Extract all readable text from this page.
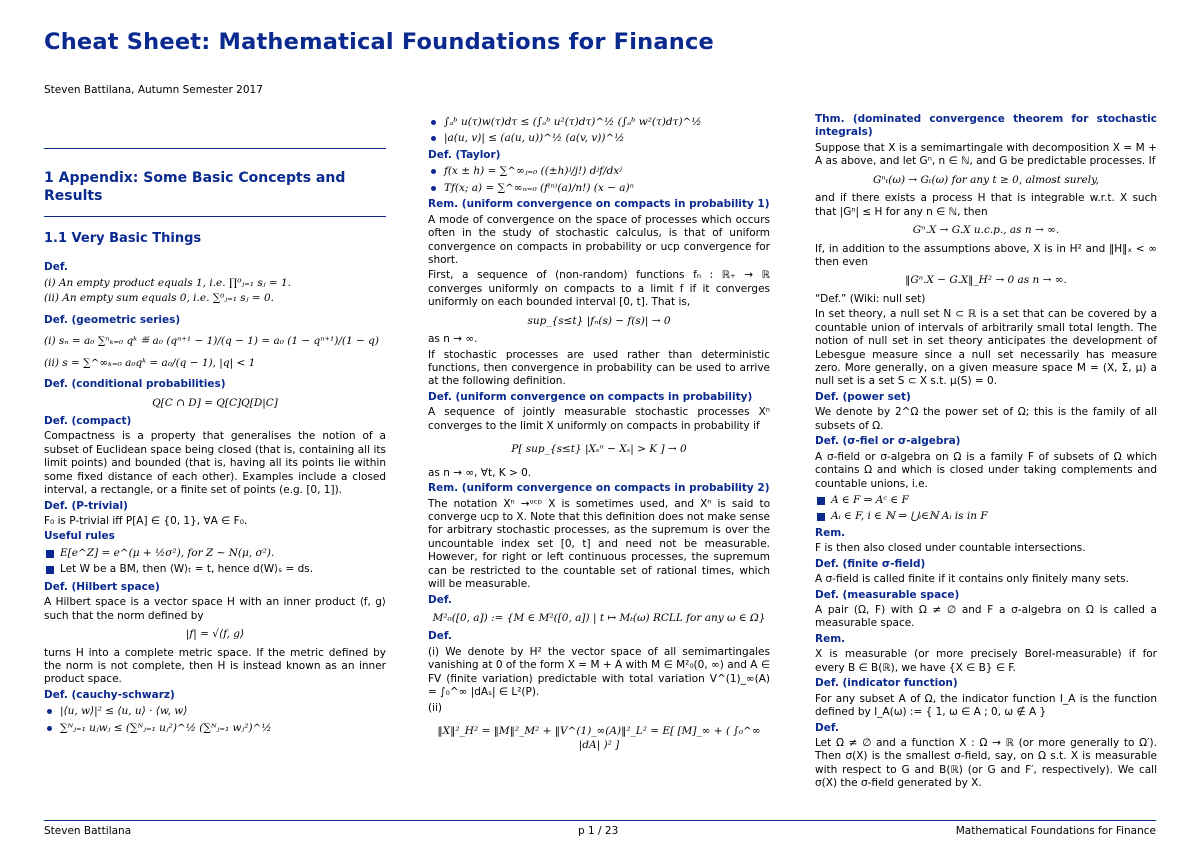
Cheat Sheet: Mathematical Foundations for Finance
Steven Battilana, Autumn Semester 2017
1 Appendix: Some Basic Concepts and Results
1.1 Very Basic Things
Def.
(i) An empty product equals 1, i.e. ∏⁰ⱼ₌₁ sⱼ = 1.
(ii) An empty sum equals 0, i.e. ∑⁰ⱼ₌₁ sⱼ = 0.
Def. (geometric series)
(i) sₙ = a₀ ∑ⁿₖ₌₀ qᵏ ≝ a₀ (qⁿ⁺¹ − 1)/(q − 1) = a₀ (1 − qⁿ⁺¹)/(1 − q)
(ii) s = ∑^∞ₖ₌₀ a₀qᵏ = a₀/(q − 1), |q| < 1
Def. (conditional probabilities)
Q[C ∩ D] = Q[C]Q[D|C]
Def. (compact)
Compactness is a property that generalises the notion of a subset of Euclidean space being closed (that is, containing all its limit points) and bounded (that is, having all its points lie within some fixed distance of each other). Examples include a closed interval, a rectangle, or a finite set of points (e.g. [0, 1]).
Def. (P-trivial)
F₀ is P-trivial iff P[A] ∈ {0, 1}, ∀A ∈ F₀.
Useful rules
E[e^Z] = e^(μ + ½σ²), for Z ∼ N(μ, σ²).
Let W be a BM, then ⟨W⟩ₜ = t, hence d⟨W⟩ₛ = ds.
Def. (Hilbert space)
A Hilbert space is a vector space H with an inner product ⟨f, g⟩such that the norm defined by
|f| = √⟨f, g⟩
turns H into a complete metric space. If the metric defined by the norm is not complete, then H is instead known as an inner product space.
Def. (cauchy-schwarz)
|⟨u, w⟩|² ≤ ⟨u, u⟩ · ⟨w, w⟩
∑ᴺⱼ₌₁ uⱼwⱼ ≤ (∑ᴺⱼ₌₁ uⱼ²)^½ (∑ᴺⱼ₌₁ wⱼ²)^½
∫ₐᵇ u(τ)w(τ)dτ ≤ (∫ₐᵇ u²(τ)dτ)^½ (∫ₐᵇ w²(τ)dτ)^½
|a(u, v)| ≤ (a(u, u))^½ (a(v, v))^½
Def. (Taylor)
f(x ± h) = ∑^∞ⱼ₌₀ ((±h)ʲ/j!) dʲf/dxʲ
Tf(x; a) = ∑^∞ₙ₌₀ (f⁽ⁿ⁾(a)/n!) (x − a)ⁿ
Rem. (uniform convergence on compacts in probability 1)
A mode of convergence on the space of processes which occurs often in the study of stochastic calculus, is that of uniform convergence on compacts in probability or ucp convergence for short.
First, a sequence of (non-random) functions fₙ : ℝ₊ → ℝ converges uniformly on compacts to a limit f if it converges uniformly on each bounded interval [0, t]. That is,
sup_{s≤t} |fₙ(s) − f(s)| → 0
as n → ∞.
If stochastic processes are used rather than deterministic functions, then convergence in probability can be used to arrive at the following definition.
Def. (uniform convergence on compacts in probability)
A sequence of jointly measurable stochastic processes Xⁿ converges to the limit X uniformly on compacts in probability if
P[ sup_{s≤t} |Xₛⁿ − Xₛ| > K ] → 0
as n → ∞, ∀t, K > 0.
Rem. (uniform convergence on compacts in probability 2)
The notation Xⁿ →ᵘᶜᵖ X is sometimes used, and Xⁿ is said to converge ucp to X. Note that this definition does not make sense for arbitrary stochastic processes, as the supremum is over the uncountable index set [0, t] and need not be measurable. However, for right or left continuous processes, the supremum can be restricted to the countable set of rational times, which will be measurable.
Def.
M²₀([0, a]) := {M ∈ M²([0, a]) | t ↦ Mₜ(ω) RCLL for any ω ∈ Ω}
Def.
(i) We denote by H² the vector space of all semimartingales vanishing at 0 of the form X = M + A with M ∈ M²₀(0, ∞) and A ∈ FV (finite variation) predictable with total variation V^(1)_∞(A) = ∫₀^∞ |dAₛ| ∈ L²(P).
(ii)
‖X‖²_H² = ‖M‖²_M² + ‖V^(1)_∞(A)‖²_L² = E[ [M]_∞ + ( ∫₀^∞ |dA| )² ]
Thm. (dominated convergence theorem for stochastic integrals)
Suppose that X is a semimartingale with decomposition X = M + A as above, and let Gⁿ, n ∈ ℕ, and G be predictable processes. If
Gⁿₜ(ω) → Gₜ(ω) for any t ≥ 0, almost surely,
and if there exists a process H that is integrable w.r.t. X such that |Gⁿ| ≤ H for any n ∈ ℕ, then
Gⁿ.X → G.X u.c.p., as n → ∞.
If, in addition to the assumptions above, X is in H² and ‖H‖ₓ < ∞ then even
‖Gⁿ.X − G.X‖_H² → 0 as n → ∞.
“Def.” (Wiki: null set)
In set theory, a null set N ⊂ ℝ is a set that can be covered by a countable union of intervals of arbitrarily small total length. The notion of null set in set theory anticipates the development of Lebesgue measure since a null set necessarily has measure zero. More generally, on a given measure space M = (X, Σ, μ) a null set is a set S ⊂ X s.t. μ(S) = 0.
Def. (power set)
We denote by 2^Ω the power set of Ω; this is the family of all subsets of Ω.
Def. (σ-fiel or σ-algebra)
A σ-field or σ-algebra on Ω is a family F of subsets of Ω which contains Ω and which is closed under taking complements and countable unions, i.e.
A ∈ F ⇒ Aᶜ ∈ F
Aᵢ ∈ F, i ∈ ℕ ⇒ ⋃ᵢ∈ℕ Aᵢ is in F
Rem.
F is then also closed under countable intersections.
Def. (finite σ-field)
A σ-field is called finite if it contains only finitely many sets.
Def. (measurable space)
A pair (Ω, F) with Ω ≠ ∅ and F a σ-algebra on Ω is called a measurable space.
Rem.
X is measurable (or more precisely Borel-measurable) if for every B ∈ B(ℝ), we have {X ∈ B} ∈ F.
Def. (indicator function)
For any subset A of Ω, the indicator function I_A is the function defined by I_A(ω) := { 1, ω ∈ A ; 0, ω ∉ A }
Def.
Let Ω ≠ ∅ and a function X : Ω → ℝ (or more generally to Ω′). Then σ(X) is the smallest σ-field, say, on Ω s.t. X is measurable with respect to G and B(ℝ) (or G and F′, respectively). We call σ(X) the σ-field generated by X.
Steven Battilana	p 1 / 23	Mathematical Foundations for Finance
